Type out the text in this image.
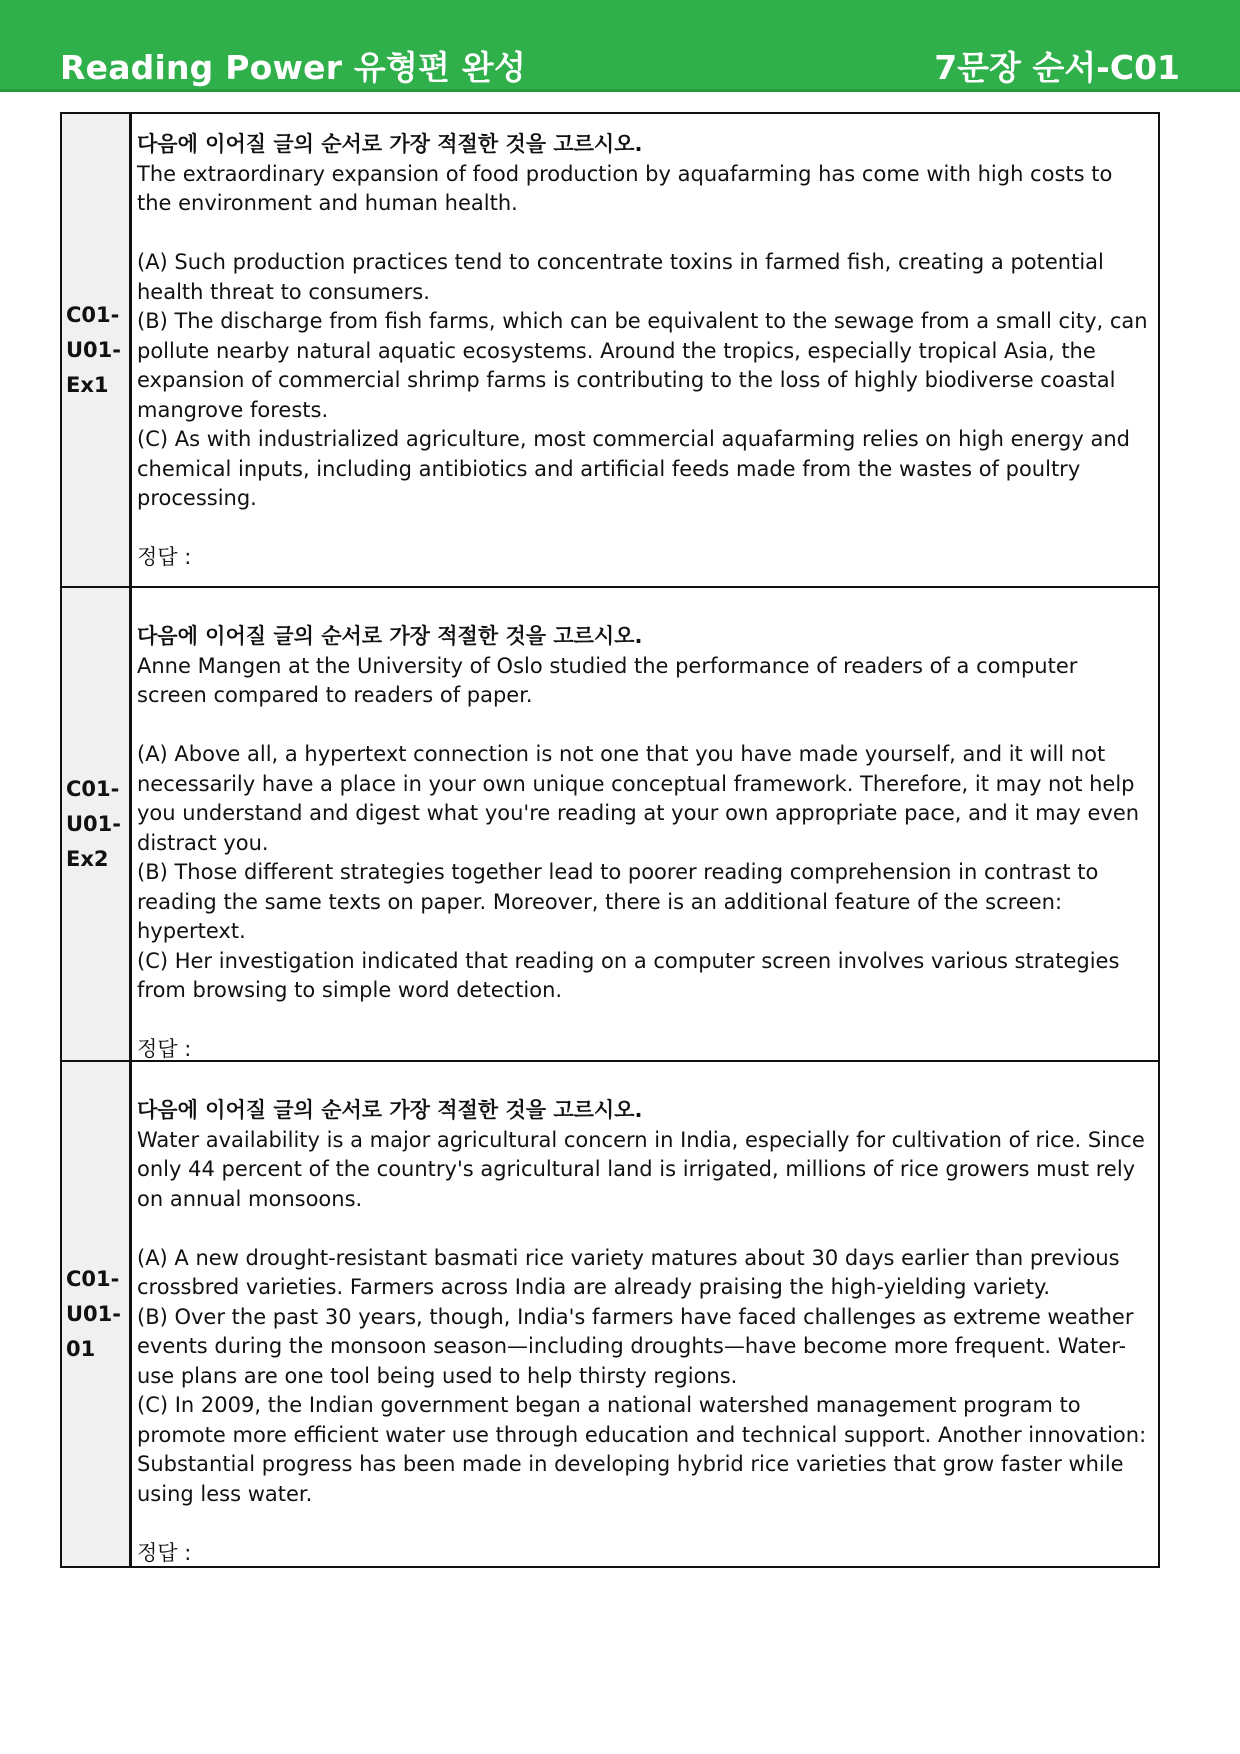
Reading Power 유형편 완성	7문장 순서-C01
C01-
U01-
Ex1

다음에 이어질 글의 순서로 가장 적절한 것을 고르시오.

The extraordinary expansion of food production by aquafarming has come with high costs to the environment and human health.

(A) Such production practices tend to concentrate toxins in farmed fish, creating a potential health threat to consumers.

(B) The discharge from fish farms, which can be equivalent to the sewage from a small city, can pollute nearby natural aquatic ecosystems. Around the tropics, especially tropical Asia, the expansion of commercial shrimp farms is contributing to the loss of highly biodiverse coastal mangrove forests.

(C) As with industrialized agriculture, most commercial aquafarming relies on high energy and chemical inputs, including antibiotics and artificial feeds made from the wastes of poultry processing.

정답 :

C01-
U01-
Ex2

다음에 이어질 글의 순서로 가장 적절한 것을 고르시오.

Anne Mangen at the University of Oslo studied the performance of readers of a computer screen compared to readers of paper.

(A) Above all, a hypertext connection is not one that you have made yourself, and it will not necessarily have a place in your own unique conceptual framework. Therefore, it may not help you understand and digest what you're reading at your own appropriate pace, and it may even distract you.

(B) Those different strategies together lead to poorer reading comprehension in contrast to reading the same texts on paper. Moreover, there is an additional feature of the screen: hypertext.

(C) Her investigation indicated that reading on a computer screen involves various strategies from browsing to simple word detection.

정답 :

C01-
U01-
01

다음에 이어질 글의 순서로 가장 적절한 것을 고르시오.

Water availability is a major agricultural concern in India, especially for cultivation of rice. Since only 44 percent of the country's agricultural land is irrigated, millions of rice growers must rely on annual monsoons.

(A) A new drought-resistant basmati rice variety matures about 30 days earlier than previous crossbred varieties. Farmers across India are already praising the high-yielding variety.

(B) Over the past 30 years, though, India's farmers have faced challenges as extreme weather events during the monsoon season—including droughts—have become more frequent. Water-use plans are one tool being used to help thirsty regions.

(C) In 2009, the Indian government began a national watershed management program to promote more efficient water use through education and technical support. Another innovation: Substantial progress has been made in developing hybrid rice varieties that grow faster while using less water.

정답 :
